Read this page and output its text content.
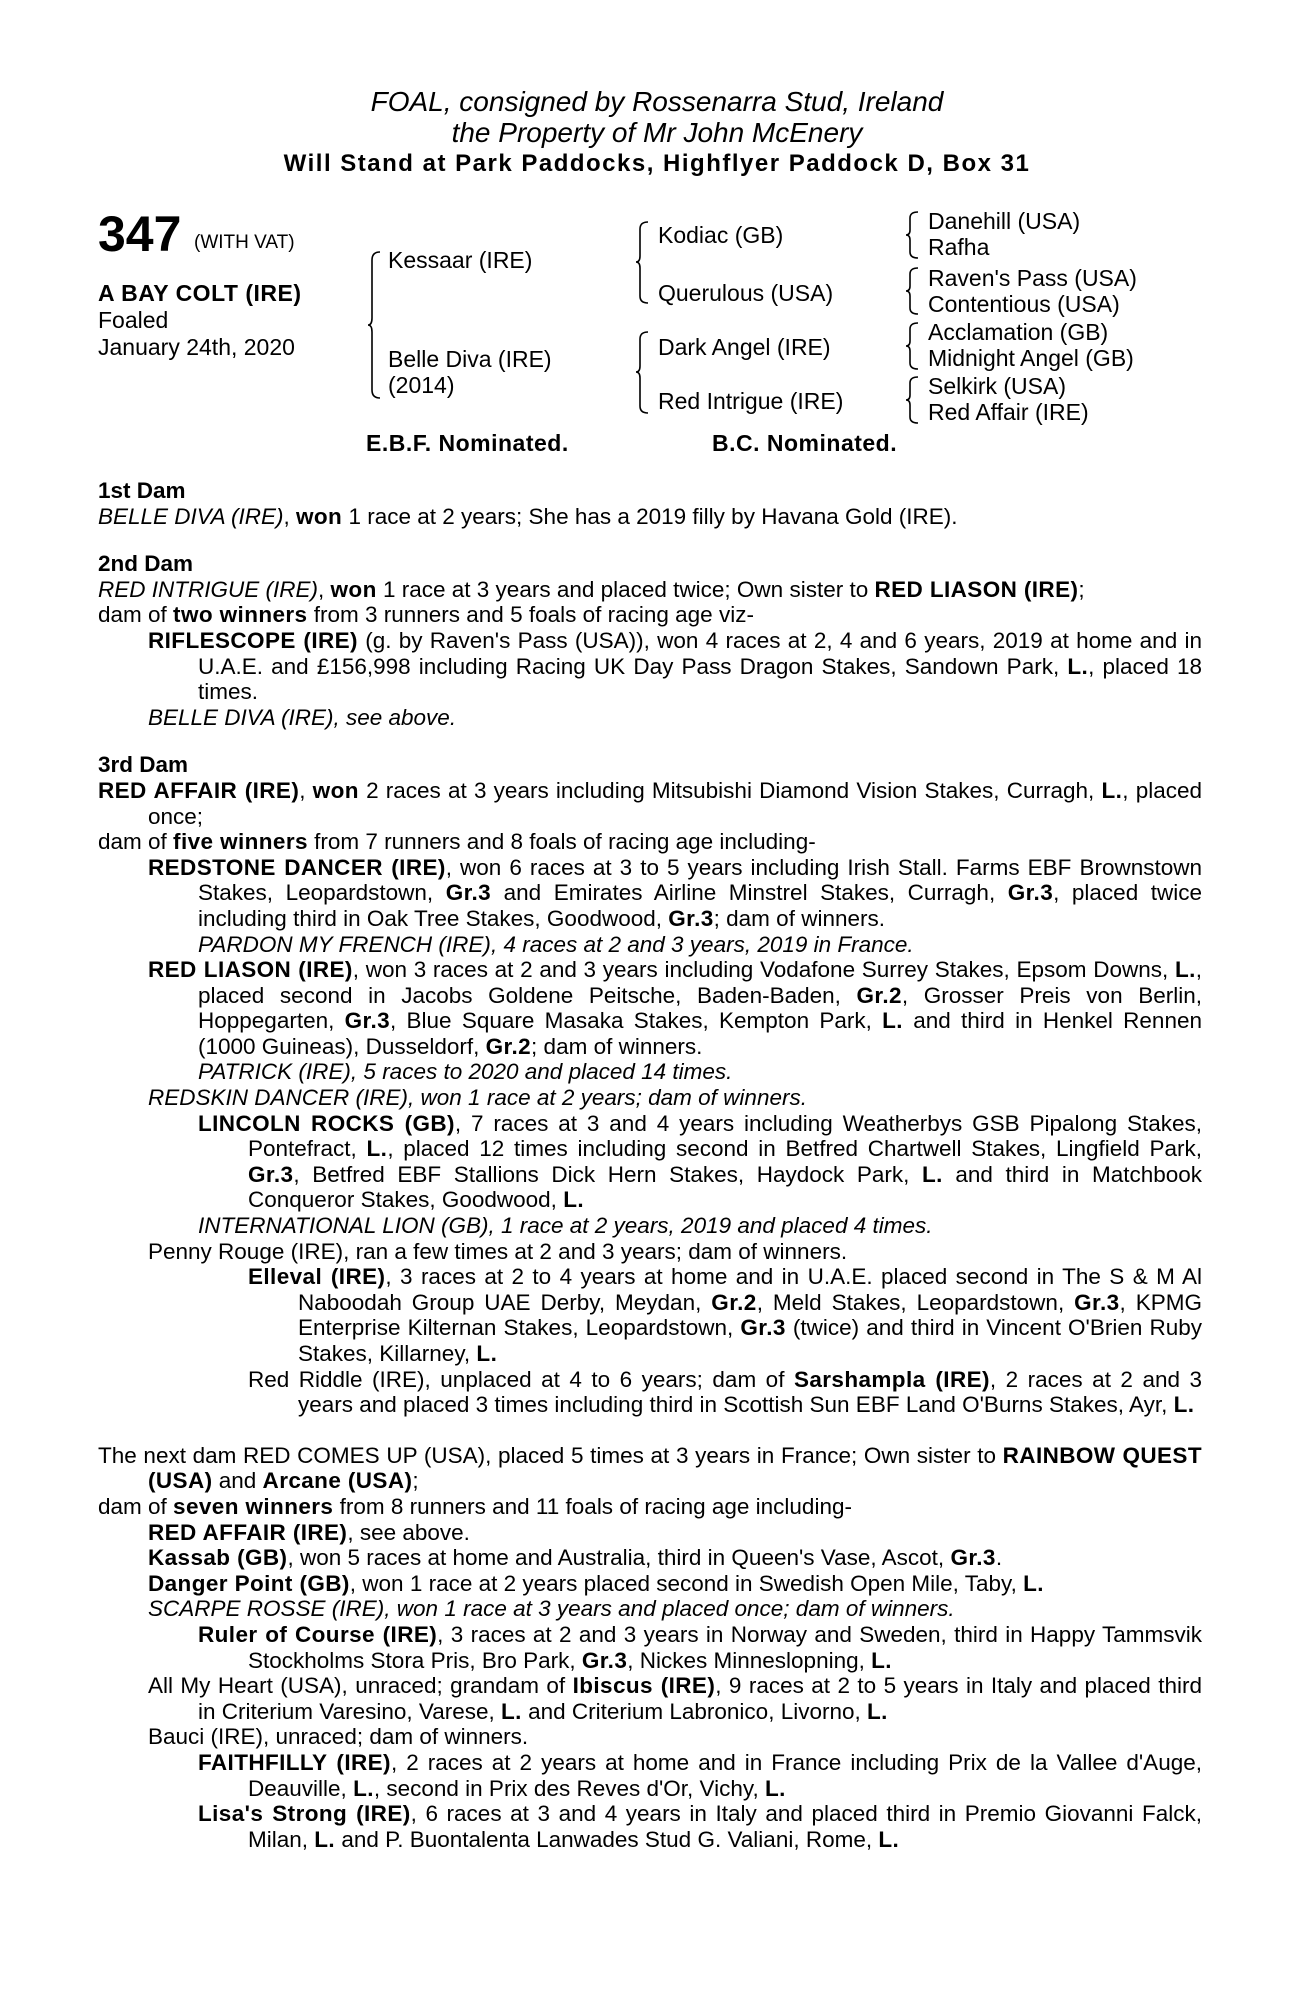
FOAL, consigned by Rossenarra Stud, Ireland
the Property of Mr John McEnery
Will Stand at Park Paddocks, Highflyer Paddock D, Box 31
347 (WITH VAT)
A BAY COLT (IRE)
Foaled
January 24th, 2020
Kessaar (IRE)
Belle Diva (IRE)
(2014)
Kodiac (GB)
Querulous (USA)
Dark Angel (IRE)
Red Intrigue (IRE)
Danehill (USA)
Rafha
Raven's Pass (USA)
Contentious (USA)
Acclamation (GB)
Midnight Angel (GB)
Selkirk (USA)
Red Affair (IRE)
E.B.F. Nominated.	B.C. Nominated.
1st Dam

BELLE DIVA (IRE), won 1 race at 2 years; She has a 2019 filly by Havana Gold (IRE).

2nd Dam

RED INTRIGUE (IRE), won 1 race at 3 years and placed twice; Own sister to RED LIASON (IRE);

dam of two winners from 3 runners and 5 foals of racing age viz-

RIFLESCOPE (IRE) (g. by Raven's Pass (USA)), won 4 races at 2, 4 and 6 years, 2019 at home and in U.A.E. and £156,998 including Racing UK Day Pass Dragon Stakes, Sandown Park, L., placed 18 times.

BELLE DIVA (IRE), see above.

3rd Dam

RED AFFAIR (IRE), won 2 races at 3 years including Mitsubishi Diamond Vision Stakes, Curragh, L., placed once;

dam of five winners from 7 runners and 8 foals of racing age including-

REDSTONE DANCER (IRE), won 6 races at 3 to 5 years including Irish Stall. Farms EBF Brownstown Stakes, Leopardstown, Gr.3 and Emirates Airline Minstrel Stakes, Curragh, Gr.3, placed twice including third in Oak Tree Stakes, Goodwood, Gr.3; dam of winners.

PARDON MY FRENCH (IRE), 4 races at 2 and 3 years, 2019 in France.

RED LIASON (IRE), won 3 races at 2 and 3 years including Vodafone Surrey Stakes, Epsom Downs, L., placed second in Jacobs Goldene Peitsche, Baden-Baden, Gr.2, Grosser Preis von Berlin, Hoppegarten, Gr.3, Blue Square Masaka Stakes, Kempton Park, L. and third in Henkel Rennen (1000 Guineas), Dusseldorf, Gr.2; dam of winners.

PATRICK (IRE), 5 races to 2020 and placed 14 times.

REDSKIN DANCER (IRE), won 1 race at 2 years; dam of winners.

LINCOLN ROCKS (GB), 7 races at 3 and 4 years including Weatherbys GSB Pipalong Stakes, Pontefract, L., placed 12 times including second in Betfred Chartwell Stakes, Lingfield Park, Gr.3, Betfred EBF Stallions Dick Hern Stakes, Haydock Park, L. and third in Matchbook Conqueror Stakes, Goodwood, L.

INTERNATIONAL LION (GB), 1 race at 2 years, 2019 and placed 4 times.

Penny Rouge (IRE), ran a few times at 2 and 3 years; dam of winners.

Elleval (IRE), 3 races at 2 to 4 years at home and in U.A.E. placed second in The S & M Al Naboodah Group UAE Derby, Meydan, Gr.2, Meld Stakes, Leopardstown, Gr.3, KPMG Enterprise Kilternan Stakes, Leopardstown, Gr.3 (twice) and third in Vincent O'Brien Ruby Stakes, Killarney, L.

Red Riddle (IRE), unplaced at 4 to 6 years; dam of Sarshampla (IRE), 2 races at 2 and 3 years and placed 3 times including third in Scottish Sun EBF Land O'Burns Stakes, Ayr, L.

The next dam RED COMES UP (USA), placed 5 times at 3 years in France; Own sister to RAINBOW QUEST (USA) and Arcane (USA);

dam of seven winners from 8 runners and 11 foals of racing age including-

RED AFFAIR (IRE), see above.

Kassab (GB), won 5 races at home and Australia, third in Queen's Vase, Ascot, Gr.3.

Danger Point (GB), won 1 race at 2 years placed second in Swedish Open Mile, Taby, L.

SCARPE ROSSE (IRE), won 1 race at 3 years and placed once; dam of winners.

Ruler of Course (IRE), 3 races at 2 and 3 years in Norway and Sweden, third in Happy Tammsvik Stockholms Stora Pris, Bro Park, Gr.3, Nickes Minneslopning, L.

All My Heart (USA), unraced; grandam of Ibiscus (IRE), 9 races at 2 to 5 years in Italy and placed third in Criterium Varesino, Varese, L. and Criterium Labronico, Livorno, L.

Bauci (IRE), unraced; dam of winners.

FAITHFILLY (IRE), 2 races at 2 years at home and in France including Prix de la Vallee d'Auge, Deauville, L., second in Prix des Reves d'Or, Vichy, L.

Lisa's Strong (IRE), 6 races at 3 and 4 years in Italy and placed third in Premio Giovanni Falck, Milan, L. and P. Buontalenta Lanwades Stud G. Valiani, Rome, L.
